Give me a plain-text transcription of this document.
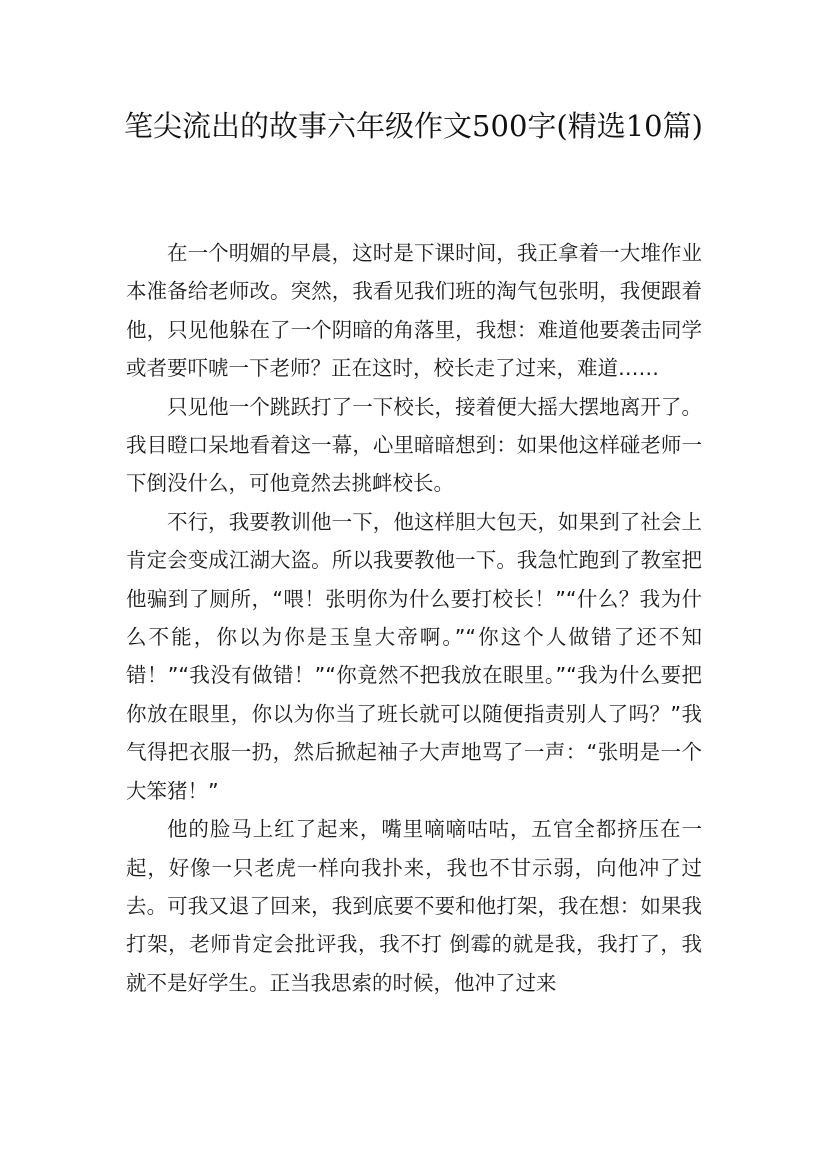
笔尖流出的故事六年级作文500字(精选10篇)

在一个明媚的早晨，这时是下课时间，我正拿着一大堆作业本准备给老师改。突然，我看见我们班的淘气包张明，我便跟着他，只见他躲在了一个阴暗的角落里，我想：难道他要袭击同学或者要吓唬一下老师？正在这时，校长走了过来，难道……

只见他一个跳跃打了一下校长，接着便大摇大摆地离开了。我目瞪口呆地看着这一幕，心里暗暗想到：如果他这样碰老师一下倒没什么，可他竟然去挑衅校长。

不行，我要教训他一下，他这样胆大包天，如果到了社会上肯定会变成江湖大盗。所以我要教他一下。我急忙跑到了教室把他骗到了厕所，“喂！张明你为什么要打校长！”“什么？我为什么不能，你以为你是玉皇大帝啊。”“你这个人做错了还不知错！”“我没有做错！”“你竟然不把我放在眼里。”“我为什么要把你放在眼里，你以为你当了班长就可以随便指责别人了吗？”我气得把衣服一扔，然后掀起袖子大声地骂了一声：“张明是一个大笨猪！”

他的脸马上红了起来，嘴里嘀嘀咕咕，五官全都挤压在一起，好像一只老虎一样向我扑来，我也不甘示弱，向他冲了过去。可我又退了回来，我到底要不要和他打架，我在想：如果我打架，老师肯定会批评我，我不打 倒霉的就是我，我打了，我就不是好学生。正当我思索的时候，他冲了过来
